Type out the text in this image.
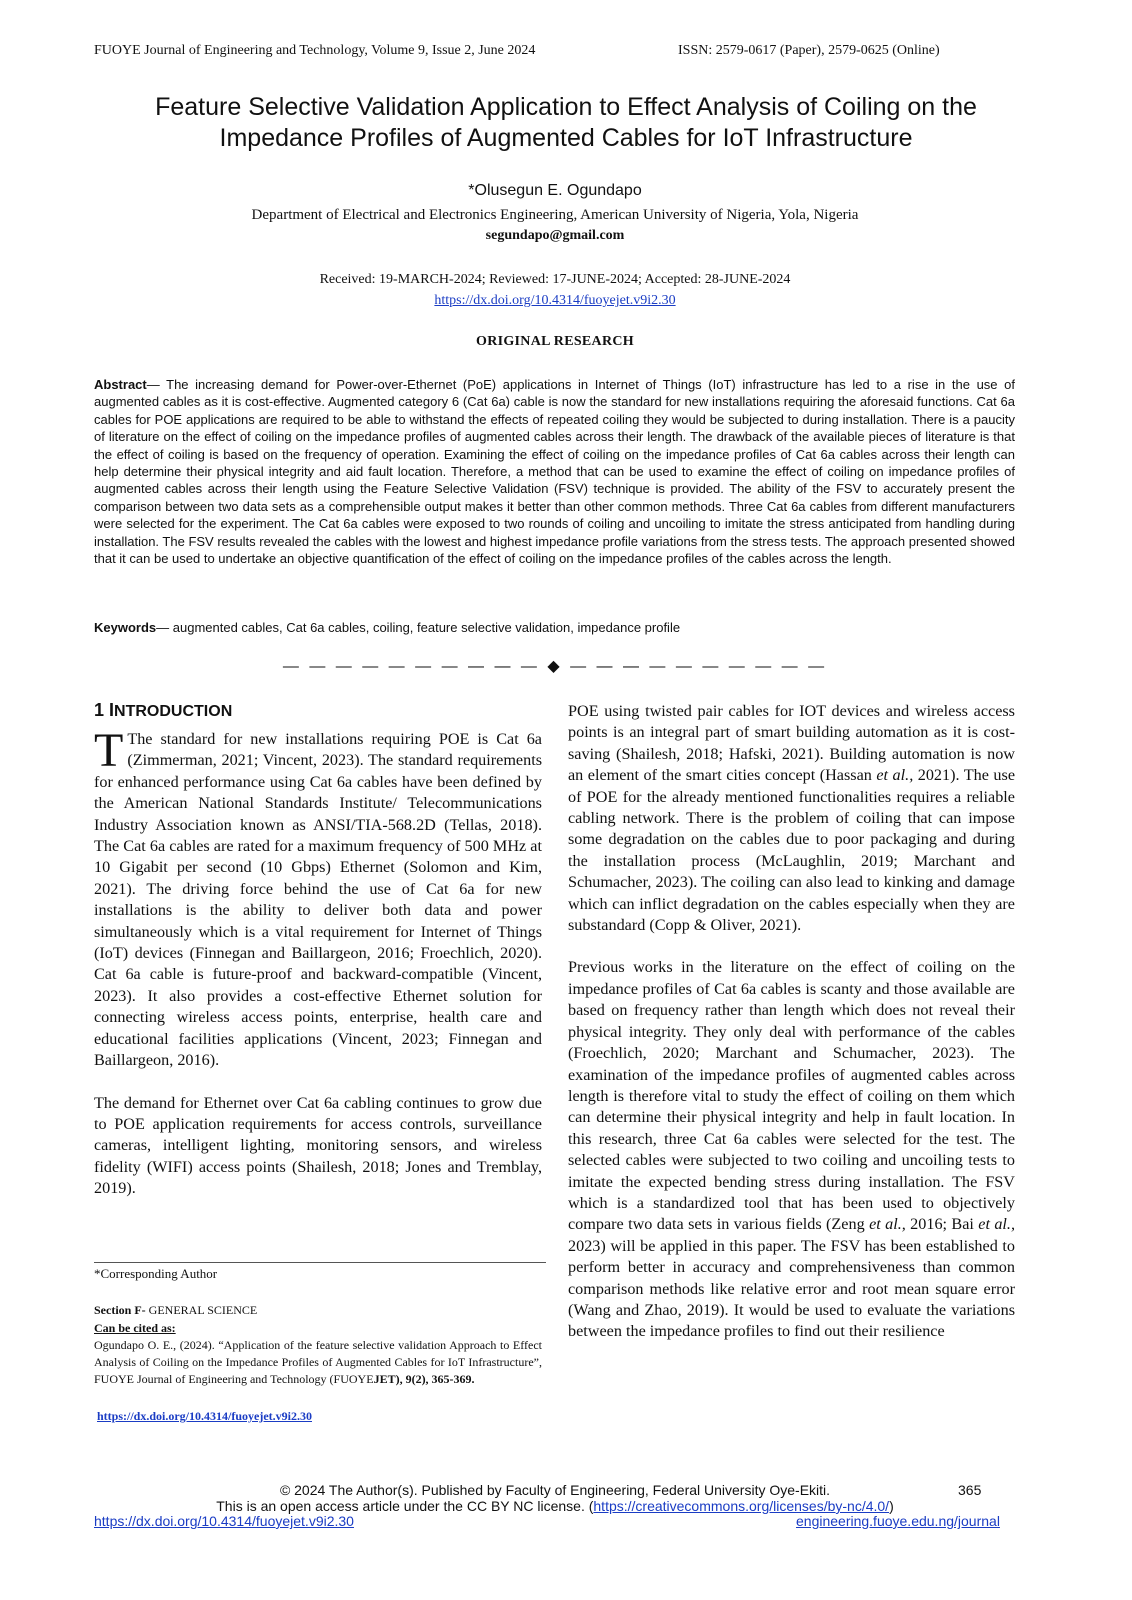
FUOYE Journal of Engineering and Technology, Volume 9, Issue 2, June 2024	ISSN: 2579-0617 (Paper), 2579-0625 (Online)
Feature Selective Validation Application to Effect Analysis of Coiling on the
Impedance Profiles of Augmented Cables for IoT Infrastructure
*Olusegun E. Ogundapo
Department of Electrical and Electronics Engineering, American University of Nigeria, Yola, Nigeria
segundapo@gmail.com
Received: 19-MARCH-2024; Reviewed: 17-JUNE-2024; Accepted: 28-JUNE-2024
https://dx.doi.org/10.4314/fuoyejet.v9i2.30
ORIGINAL RESEARCH
Abstract— The increasing demand for Power-over-Ethernet (PoE) applications in Internet of Things (IoT) infrastructure has led to a rise in the use of augmented cables as it is cost-effective. Augmented category 6 (Cat 6a) cable is now the standard for new installations requiring the aforesaid functions. Cat 6a cables for POE applications are required to be able to withstand the effects of repeated coiling they would be subjected to during installation. There is a paucity of literature on the effect of coiling on the impedance profiles of augmented cables across their length. The drawback of the available pieces of literature is that the effect of coiling is based on the frequency of operation. Examining the effect of coiling on the impedance profiles of Cat 6a cables across their length can help determine their physical integrity and aid fault location. Therefore, a method that can be used to examine the effect of coiling on impedance profiles of augmented cables across their length using the Feature Selective Validation (FSV) technique is provided. The ability of the FSV to accurately present the comparison between two data sets as a comprehensible output makes it better than other common methods. Three Cat 6a cables from different manufacturers were selected for the experiment. The Cat 6a cables were exposed to two rounds of coiling and uncoiling to imitate the stress anticipated from handling during installation. The FSV results revealed the cables with the lowest and highest impedance profile variations from the stress tests. The approach presented showed that it can be used to undertake an objective quantification of the effect of coiling on the impedance profiles of the cables across the length.
Keywords— augmented cables, Cat 6a cables, coiling, feature selective validation, impedance profile
— — — — — — — — — — ◆ — — — — — — — — — —
1 INTRODUCTION

T The standard for new installations requiring POE is Cat 6a (Zimmerman, 2021; Vincent, 2023). The standard requirements for enhanced performance using Cat 6a cables have been defined by the American National Standards Institute/ Telecommunications Industry Association known as ANSI/TIA-568.2D (Tellas, 2018). The Cat 6a cables are rated for a maximum frequency of 500 MHz at 10 Gigabit per second (10 Gbps) Ethernet (Solomon and Kim, 2021). The driving force behind the use of Cat 6a for new installations is the ability to deliver both data and power simultaneously which is a vital requirement for Internet of Things (IoT) devices (Finnegan and Baillargeon, 2016; Froechlich, 2020). Cat 6a cable is future-proof and backward-compatible (Vincent, 2023). It also provides a cost-effective Ethernet solution for connecting wireless access points, enterprise, health care and educational facilities applications (Vincent, 2023; Finnegan and Baillargeon, 2016).

The demand for Ethernet over Cat 6a cabling continues to grow due to POE application requirements for access controls, surveillance cameras, intelligent lighting, monitoring sensors, and wireless fidelity (WIFI) access points (Shailesh, 2018; Jones and Tremblay, 2019).

POE using twisted pair cables for IOT devices and wireless access points is an integral part of smart building automation as it is cost-saving (Shailesh, 2018; Hafski, 2021). Building automation is now an element of the smart cities concept (Hassan et al., 2021). The use of POE for the already mentioned functionalities requires a reliable cabling network. There is the problem of coiling that can impose some degradation on the cables due to poor packaging and during the installation process (McLaughlin, 2019; Marchant and Schumacher, 2023). The coiling can also lead to kinking and damage which can inflict degradation on the cables especially when they are substandard (Copp & Oliver, 2021).

Previous works in the literature on the effect of coiling on the impedance profiles of Cat 6a cables is scanty and those available are based on frequency rather than length which does not reveal their physical integrity. They only deal with performance of the cables (Froechlich, 2020; Marchant and Schumacher, 2023). The examination of the impedance profiles of augmented cables across length is therefore vital to study the effect of coiling on them which can determine their physical integrity and help in fault location. In this research, three Cat 6a cables were selected for the test. The selected cables were subjected to two coiling and uncoiling tests to imitate the expected bending stress during installation. The FSV which is a standardized tool that has been used to objectively compare two data sets in various fields (Zeng et al., 2016; Bai et al., 2023) will be applied in this paper. The FSV has been established to perform better in accuracy and comprehensiveness than common comparison methods like relative error and root mean square error (Wang and Zhao, 2019). It would be used to evaluate the variations between the impedance profiles to find out their resilience

*Corresponding Author
Section F- GENERAL SCIENCE
Can be cited as:
Ogundapo O. E., (2024). “Application of the feature selective validation Approach to Effect Analysis of Coiling on the Impedance Profiles of Augmented Cables for IoT Infrastructure”, FUOYE Journal of Engineering and Technology (FUOYEJET), 9(2), 365-369.
https://dx.doi.org/10.4314/fuoyejet.v9i2.30
© 2024 The Author(s). Published by Faculty of Engineering, Federal University Oye-Ekiti.	365
This is an open access article under the CC BY NC license. (https://creativecommons.org/licenses/by-nc/4.0/)
https://dx.doi.org/10.4314/fuoyejet.v9i2.30	engineering.fuoye.edu.ng/journal
